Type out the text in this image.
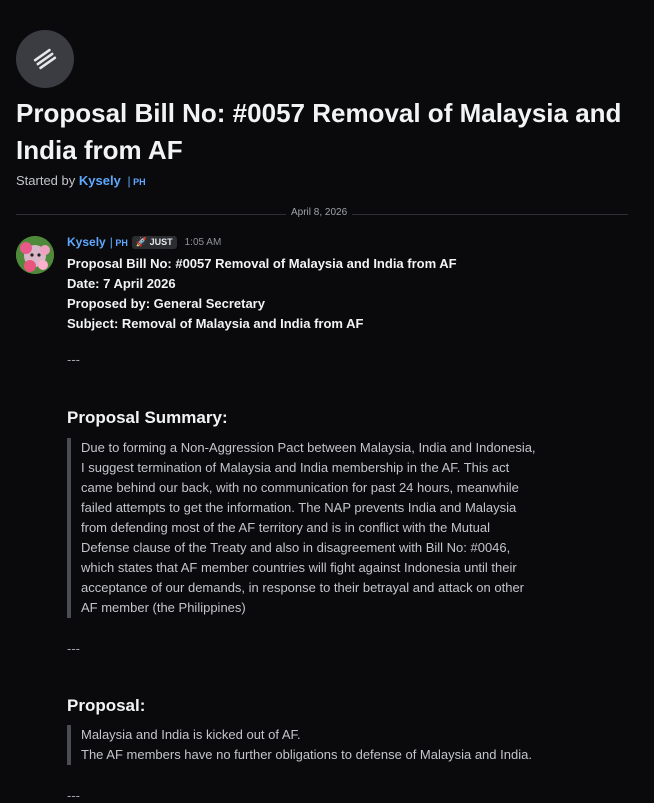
Proposal Bill No: #0057 Removal of Malaysia and India from AF
Started by Kysely | PH
April 8, 2026
Kysely | PH 🚀 JUST	1:05 AM
Proposal Bill No: #0057 Removal of Malaysia and India from AF
Date: 7 April 2026
Proposed by: General Secretary
Subject: Removal of Malaysia and India from AF
---
Proposal Summary:
Due to forming a Non-Aggression Pact between Malaysia, India and Indonesia,
I suggest termination of Malaysia and India membership in the AF. This act
came behind our back, with no communication for past 24 hours, meanwhile
failed attempts to get the information. The NAP prevents India and Malaysia
from defending most of the AF territory and is in conflict with the Mutual
Defense clause of the Treaty and also in disagreement with Bill No: #0046,
which states that AF member countries will fight against Indonesia until their
acceptance of our demands, in response to their betrayal and attack on other
AF member (the Philippines)
---
Proposal:
Malaysia and India is kicked out of AF.
The AF members have no further obligations to defense of Malaysia and India.
---
